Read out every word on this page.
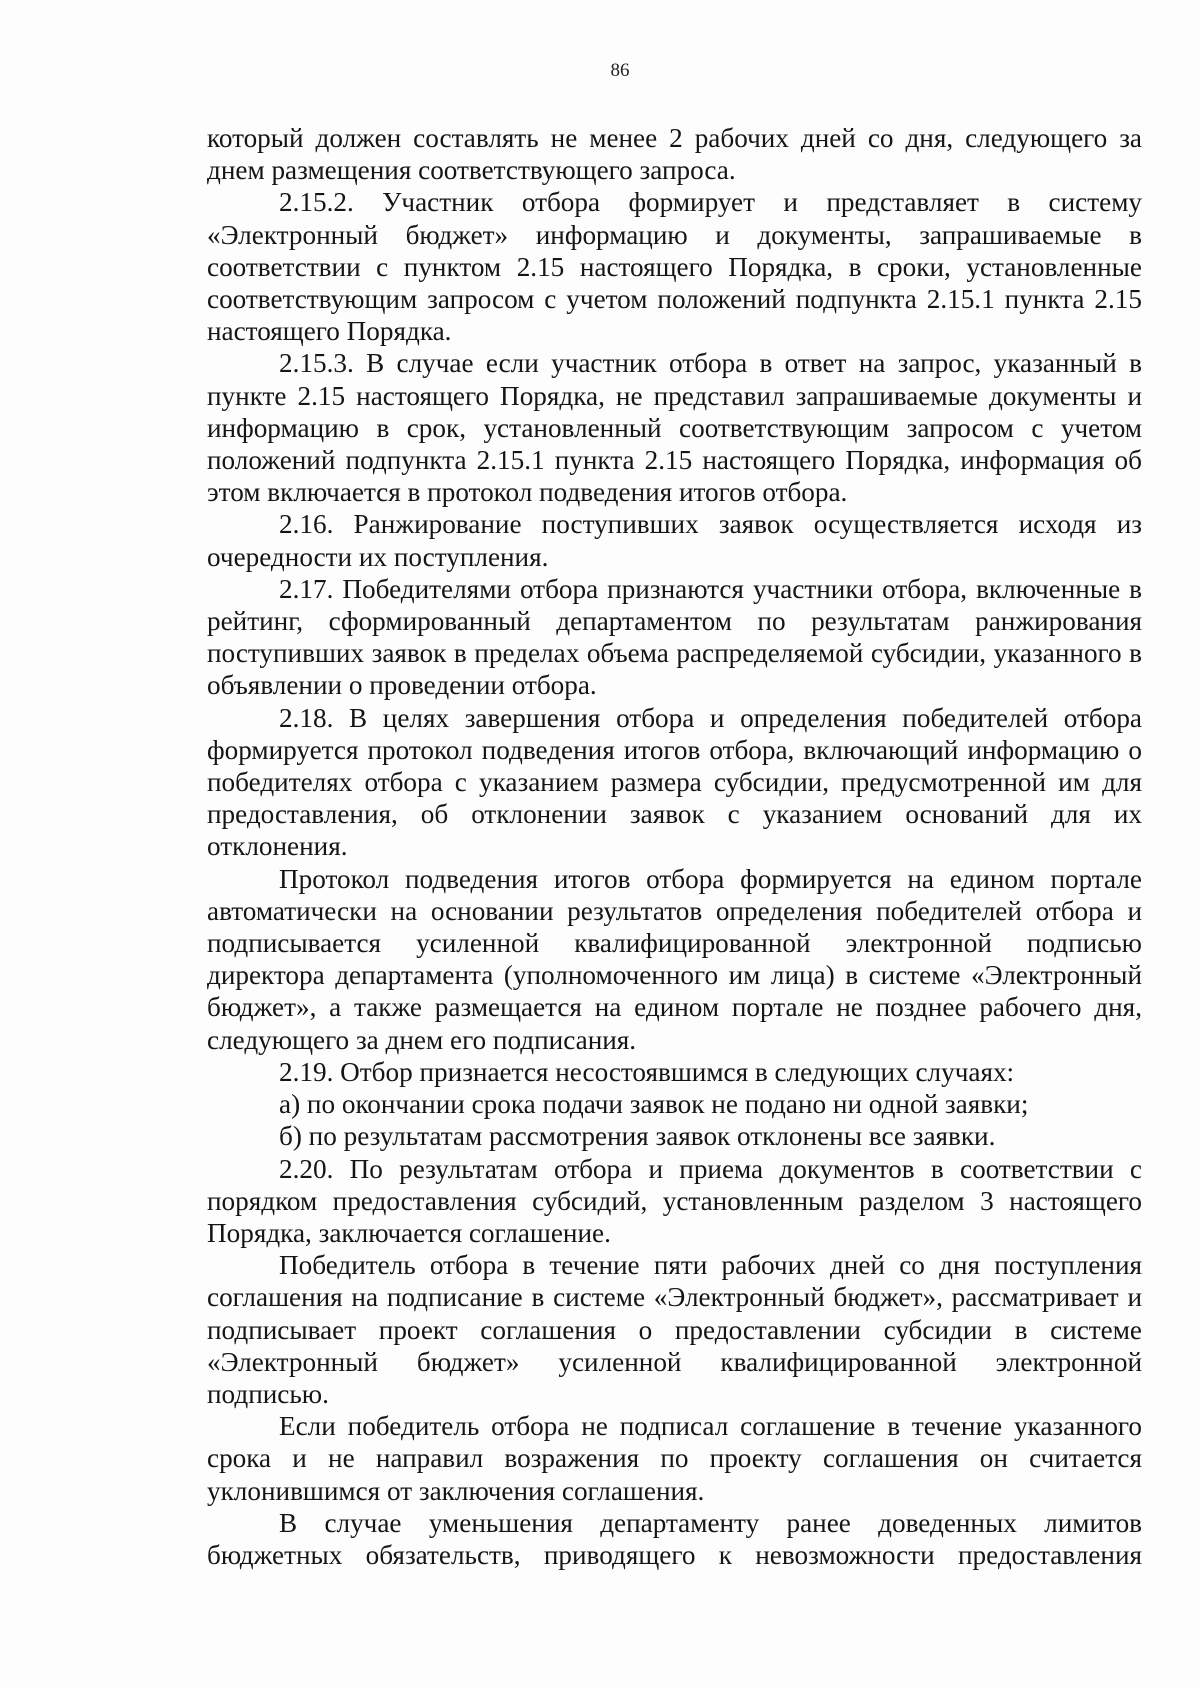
86

который должен составлять не менее 2 рабочих дней со дня, следующего за днем размещения соответствующего запроса.

2.15.2. Участник отбора формирует и представляет в систему «Электронный бюджет» информацию и документы, запрашиваемые в соответствии с пунктом 2.15 настоящего Порядка, в сроки, установленные соответствующим запросом с учетом положений подпункта 2.15.1 пункта 2.15 настоящего Порядка.

2.15.3. В случае если участник отбора в ответ на запрос, указанный в пункте 2.15 настоящего Порядка, не представил запрашиваемые документы и информацию в срок, установленный соответствующим запросом с учетом положений подпункта 2.15.1 пункта 2.15 настоящего Порядка, информация об этом включается в протокол подведения итогов отбора.

2.16. Ранжирование поступивших заявок осуществляется исходя из очередности их поступления.

2.17. Победителями отбора признаются участники отбора, включенные в рейтинг, сформированный департаментом по результатам ранжирования поступивших заявок в пределах объема распределяемой субсидии, указанного в объявлении о проведении отбора.

2.18. В целях завершения отбора и определения победителей отбора формируется протокол подведения итогов отбора, включающий информацию о победителях отбора с указанием размера субсидии, предусмотренной им для предоставления, об отклонении заявок с указанием оснований для их отклонения.

Протокол подведения итогов отбора формируется на едином портале автоматически на основании результатов определения победителей отбора и подписывается усиленной квалифицированной электронной подписью директора департамента (уполномоченного им лица) в системе «Электронный бюджет», а также размещается на едином портале не позднее рабочего дня, следующего за днем его подписания.

2.19. Отбор признается несостоявшимся в следующих случаях:

а) по окончании срока подачи заявок не подано ни одной заявки;

б) по результатам рассмотрения заявок отклонены все заявки.

2.20. По результатам отбора и приема документов в соответствии с порядком предоставления субсидий, установленным разделом 3 настоящего Порядка, заключается соглашение.

Победитель отбора в течение пяти рабочих дней со дня поступления соглашения на подписание в системе «Электронный бюджет», рассматривает и подписывает проект соглашения о предоставлении субсидии в системе «Электронный бюджет» усиленной квалифицированной электронной подписью.

Если победитель отбора не подписал соглашение в течение указанного срока и не направил возражения по проекту соглашения он считается уклонившимся от заключения соглашения.

В случае уменьшения департаменту ранее доведенных лимитов бюджетных обязательств, приводящего к невозможности предоставления
